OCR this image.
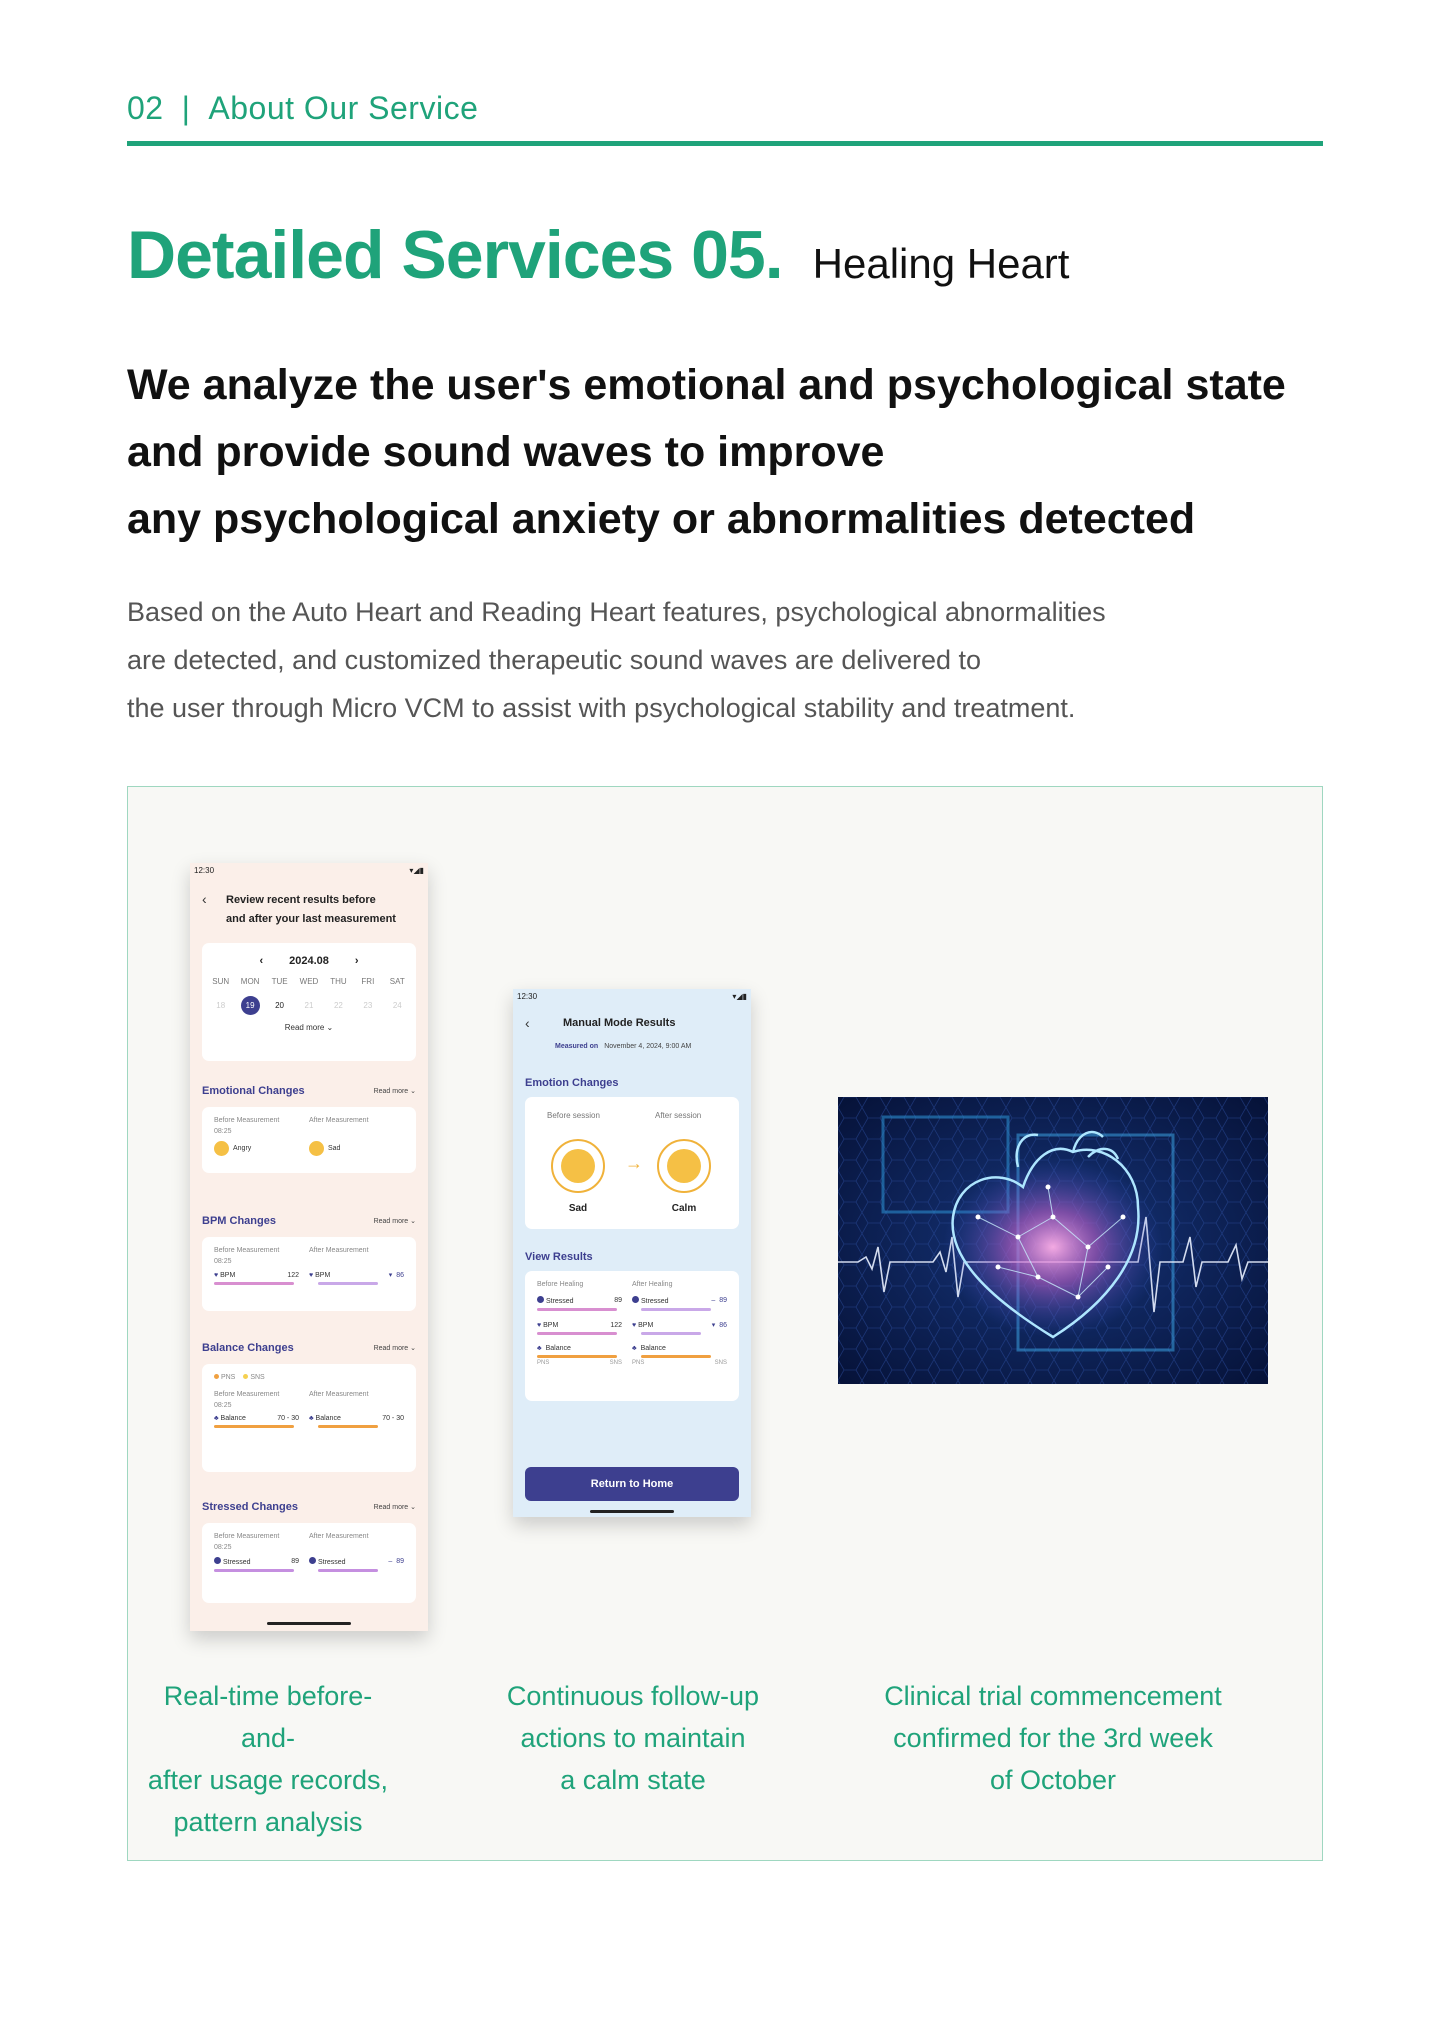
02 | About Our Service
Detailed Services 05. Healing Heart
We analyze the user's emotional and psychological state
and provide sound waves to improve
any psychological anxiety or abnormalities detected
Based on the Auto Heart and Reading Heart features, psychological abnormalities
are detected, and customized therapeutic sound waves are delivered to
the user through Micro VCM to assist with psychological stability and treatment.
12:30	▾◢▮
‹	Review recent results before
and after your last measurement
‹ 2024.08 ›
SUN	MON	TUE	WED	THU	FRI	SAT
18	19	20	21	22	23	24
Read more ⌄
Emotional Changes	Read more ⌄
Before Measurement	After Measurement
08:25
Angry	Sad
BPM Changes	Read more ⌄
Before Measurement	After Measurement
08:25
♥ BPM	122 ♥ BPM	▾ 86
Balance Changes	Read more ⌄
PNS	SNS
Before Measurement	After Measurement
08:25
♣ Balance	70 - 30 ♣ Balance	70 - 30
Stressed Changes	Read more ⌄
Before Measurement	After Measurement
08:25
Stressed	89	Stressed	– 89
12:30	▾◢▮
‹	Manual Mode Results
Measured on November 4, 2024, 9:00 AM
Emotion Changes
Before session	After session
→
Sad	Calm
View Results
Before Healing	After Healing
Stressed	89	Stressed	– 89
♥ BPM	122 ♥ BPM	▾ 86
♣ Balance	♣ Balance
PNS	SNS PNS	SNS
Return to Home
Real-time before-and-
after usage records,
pattern analysis
Continuous follow-up
actions to maintain
a calm state
Clinical trial commencement
confirmed for the 3rd week
of October
